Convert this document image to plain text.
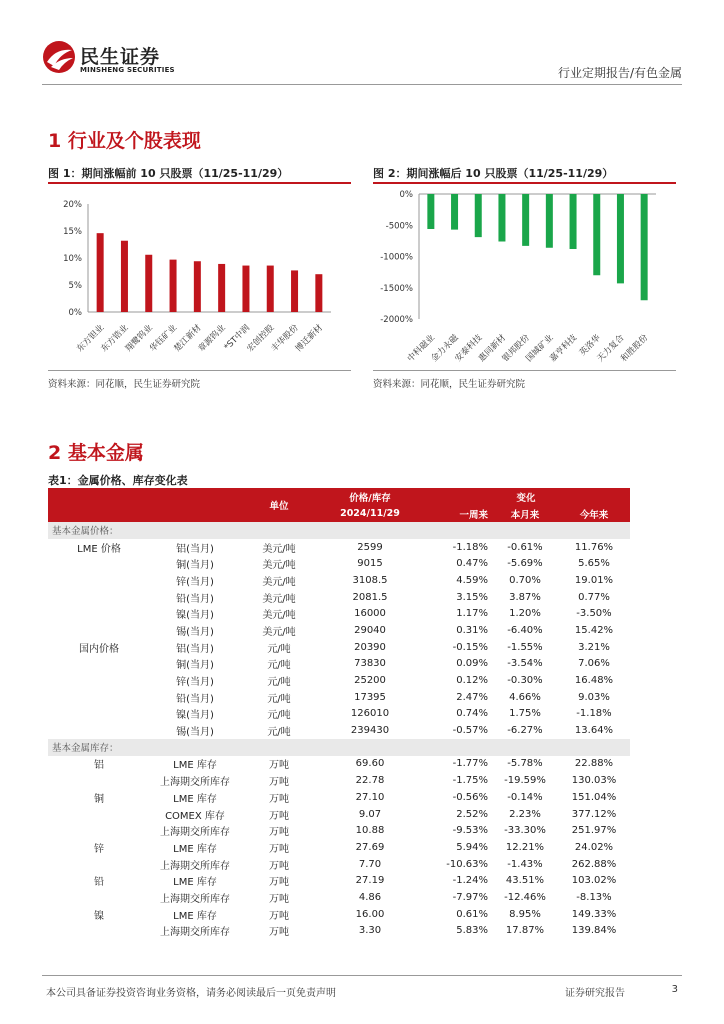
民生证券
MINSHENG SECURITIES	行业定期报告/有色金属
1 行业及个股表现
图 1：期间涨幅前 10 只股票（11/25-11/29）	图 2：期间涨幅后 10 只股票（11/25-11/29）
0%
5%
10%
15%
20%
东方钽业
东方锆业
翔鹭钨业
华钰矿业
楚江新材
章源钨业
*ST中润
宏创控股
丰华股份
博迁新材
0%
-500%
-1000%
-1500%
-2000%
中科磁业
金力永磁
安泰科技
惠同新材
银邦股份
国城矿业
嘉亨科技
英洛华
天力复合
和胜股份
资料来源：同花顺，民生证券研究院	资料来源：同花顺，民生证券研究院
2 基本金属
表1：金属价格、库存变化表
		单位	价格/库存	变化		
			2024/11/29	一周来	本月来	今年来
基本金属价格：						
LME 价格	铝(当月)	美元/吨	2599	-1.18%	-0.61%	11.76%
	铜(当月)	美元/吨	9015	0.47%	-5.69%	5.65%
	锌(当月)	美元/吨	3108.5	4.59%	0.70%	19.01%
	铅(当月)	美元/吨	2081.5	3.15%	3.87%	0.77%
	镍(当月)	美元/吨	16000	1.17%	1.20%	-3.50%
	锡(当月)	美元/吨	29040	0.31%	-6.40%	15.42%
国内价格	铝(当月)	元/吨	20390	-0.15%	-1.55%	3.21%
	铜(当月)	元/吨	73830	0.09%	-3.54%	7.06%
	锌(当月)	元/吨	25200	0.12%	-0.30%	16.48%
	铅(当月)	元/吨	17395	2.47%	4.66%	9.03%
	镍(当月)	元/吨	126010	0.74%	1.75%	-1.18%
	锡(当月)	元/吨	239430	-0.57%	-6.27%	13.64%
基本金属库存：						
铝	LME 库存	万吨	69.60	-1.77%	-5.78%	22.88%
	上海期交所库存	万吨	22.78	-1.75%	-19.59%	130.03%
铜	LME 库存	万吨	27.10	-0.56%	-0.14%	151.04%
	COMEX 库存	万吨	9.07	2.52%	2.23%	377.12%
	上海期交所库存	万吨	10.88	-9.53%	-33.30%	251.97%
锌	LME 库存	万吨	27.69	5.94%	12.21%	24.02%
	上海期交所库存	万吨	7.70	-10.63%	-1.43%	262.88%
铅	LME 库存	万吨	27.19	-1.24%	43.51%	103.02%
	上海期交所库存	万吨	4.86	-7.97%	-12.46%	-8.13%
镍	LME 库存	万吨	16.00	0.61%	8.95%	149.33%
	上海期交所库存	万吨	3.30	5.83%	17.87%	139.84%
本公司具备证券投资咨询业务资格，请务必阅读最后一页免责声明	证券研究报告	3
